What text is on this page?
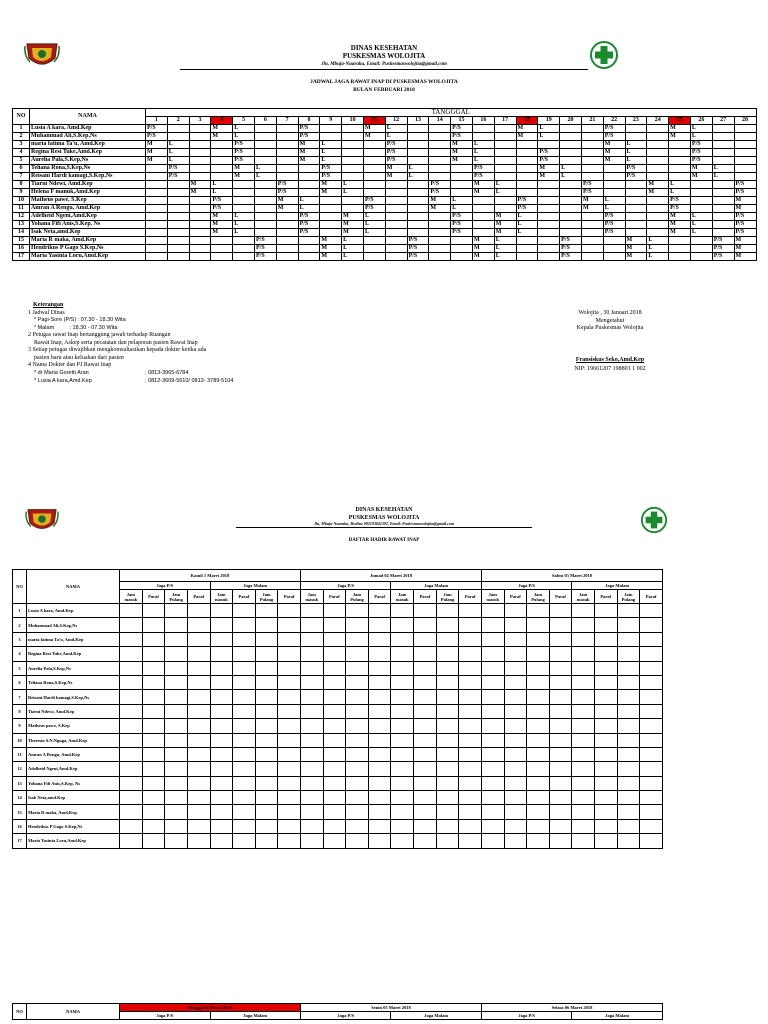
DINAS KESEHATAN
PUSKESMAS WOLOJITA
Jln, Mbuja-Nuaraku, Email: Puskesmaswolojita@gmail.com
JADWAL JAGA RAWAT INAP DI PUSKESMAS WOLOJITA
BULAN FEBRUARI 2018
NO	NAMA	TANGGGAL																											
		1	2	3	4	5	6	7	8	9	10	11	12	13	14	15	16	17	18	19	20	21	22	23	24	25	26	27	28
1	Lusia A kara, Amd.Kep	P/S			M	L			P/S			M	L			P/S			M	L			P/S			M	L		
2	Muhammad Ali,S.Kep,Ns	P/S			M	L			P/S			M	L			P/S			M	L			P/S			M	L		
3	maria fatima Ta'u, Amd.Kep	M	L			P/S			M	L			P/S			M	L						M	L			P/S		
4	Regina Resi Tuke,Amd.Kep	M	L			P/S			M	L			P/S			M	L			P/S			M	L			P/S		
5	Aurelia Pala,S.Kep,Ns	M	L			P/S			M	L			P/S			M	L			P/S			M	L			P/S		
6	Teliana Rona,S.Kep,Ns		P/S			M	L			P/S			M	L			P/S			M	L			P/S			M	L	
7	Reisani Hardi kamagi,S.Kep,Ns		P/S			M	L			P/S			M	L			P/S			M	L			P/S			M	L	
8	Tiarni Ndewi, Amd.Kep			M	L			P/S		M	L				P/S		M	L				P/S			M	L			P/S
9	Helena F manuk,Amd.Kep			M	L			P/S		M	L				P/S		M	L				P/S			M	L			P/S
10	Matheus pawe, S.Kep				P/S			M	L			P/S			M	L			P/S			M	L			P/S			M
11	Amran A Rengu, Amd.Kep				P/S			M	L			P/S			M	L			P/S			M	L			P/S			M
12	Adelheid Ngeni,Amd.Kep				M	L			P/S		M	L				P/S		M	L				P/S			M	L		P/S
13	Yohana Fifi Anis,S.Kep, Ns				M	L			P/S		M	L				P/S		M	L				P/S			M	L		P/S
14	Isak Neta,amd.Kep				M	L			P/S		M	L				P/S		M	L				P/S			M	L		P/S
15	Maria R maka, Amd.Kep						P/S			M	L			P/S			M	L			P/S			M	L			P/S	M
16	Hendrikus P Gago S.Kep,Ns						P/S			M	L			P/S			M	L			P/S			M	L			P/S	M
17	Maria Yasinta Loru,Amd.Kep						P/S			M	L			P/S			M	L			P/S			M	L			P/S	M
Keterangan
1 Jadwal Dinas
* Pagi-Sore (P/S) : 07.30 - 18.30 Wita
* Malam          : 18.30 - 07.30 Wita
2 Petugas rawat Inap bertanggung jawab terhadap Ruangan
Rawat Inap, Askep serta pecatatan dan pelaporan pasien Rawat Inap
3 Setiap petugas diwajibkan mengkomsultasikan kepada dokter ketika ada
pasien baru atau keluahan dari pasien
4 Nama Dokter dan PJ Rawat Inap
* dr Maria Goretti Aran	: 0813-3965-6784
* Lusia A kara,Amd.Kep	: 0812-3609-5610/ 0813- 3789-5104
Wolojita , 30 Januari 2018
Mengetahui
Kepala Puskesmas Wolojita
Fransiskus Seko,Amd.Kep
NIP: 19661207 198801 1 002
DINAS KESEHATAN
PUSKESMAS WOLOJITA
Jln, Mbuja-Nuaraku, Hotline 082193041392, Email: Puskesmaswolojita@gmail.com
DAFTAR HADIR RAWAT INAP
NO	NAMA	Kamil 1 Maret 2018								Jumad 02 Maret 2018								Sabtu 03 Maret 2018							
		Jaga P/S				Jaga Malam				Jaga P/S				Jaga Malam				Jaga P/S				Jaga Malam			
		Jam masuk	Paraf	Jam Pulang	Paraf	Jam masuk	Paraf	Jam Pulang	Paraf	Jam masuk	Paraf	Jam Pulang	Paraf	Jam masuk	Paraf	Jam Pulang	Paraf	Jam masuk	Paraf	Jam Pulang	Paraf	Jam masuk	Paraf	Jam Pulang	Paraf

1	Lusia A kara, Amd.Kep																								
2	Muhammad Ali,S.Kep,Ns																								
3	maria fatima Ta'u, Amd.Kep																								
4	Regina Resi Tuke,Amd.Kep																								
5	Aurelia Pala,S.Kep,Ns																								
6	Teliana Rona,S.Kep,Ns																								
7	Reisani Hardi kamagi,S.Kep,Ns																								
8	Tiarni Ndewi, Amd.Kep																								
9	Matheus pawe, S.Kep																								
10	Theresia S.N.Nguga, Amd.Kep																								
11	Amran A Rengu, Amd.Kep																								
12	Adelheid Ngeni,Amd.Kep																								
13	Yohana Fifi Anis,S.Kep, Ns																								
14	Isak Neta,amd.Kep																								
15	Maria R maka, Amd.Kep																								
16	Hendrikus P Gago S.Kep,Ns																								
17	Maria Yasinta Loru,Amd.Kep																								
NO	NAMA	Minggu 04 Maret 2018		Senin 05 Maret 2018		Selasa 06 Maret 2018	
		Jaga P/S	Jaga Malam	Jaga P/S	Jaga Malam	Jaga P/S	Jaga Malam
